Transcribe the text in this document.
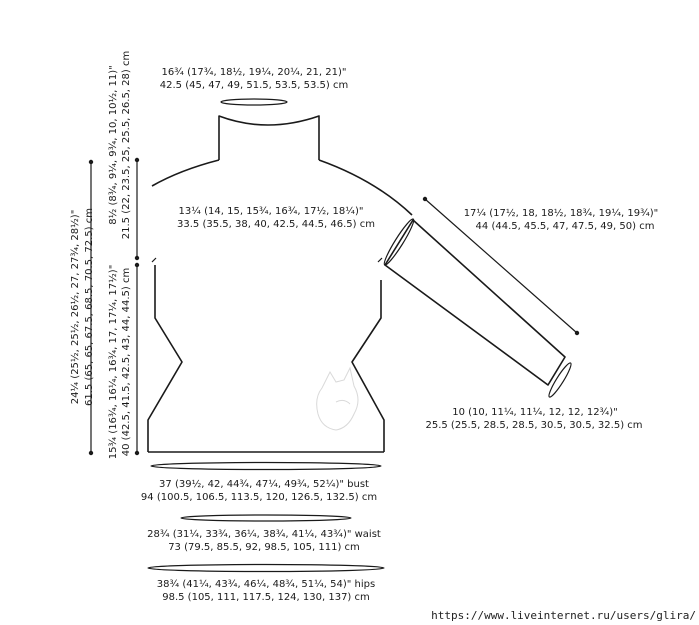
16¾ (17¾, 18½, 19¼, 20¼, 21, 21)"
42.5 (45, 47, 49, 51.5, 53.5, 53.5) cm
13¼ (14, 15, 15¾, 16¾, 17½, 18¼)"
33.5 (35.5, 38, 40, 42.5, 44.5, 46.5) cm
17¼ (17½, 18, 18½, 18¾, 19¼, 19¾)"
44 (44.5, 45.5, 47, 47.5, 49, 50) cm
10 (10, 11¼, 11¼, 12, 12, 12¾)"
25.5 (25.5, 28.5, 28.5, 30.5, 30.5, 32.5) cm
37 (39½, 42, 44¾, 47¼, 49¾, 52¼)" bust
94 (100.5, 106.5, 113.5, 120, 126.5, 132.5) cm
28¾ (31¼, 33¾, 36¼, 38¾, 41¼, 43¾)" waist
73 (79.5, 85.5, 92, 98.5, 105, 111) cm
38¾ (41¼, 43¾, 46¼, 48¾, 51¼, 54)" hips
98.5 (105, 111, 117.5, 124, 130, 137) cm
24¼ (25½, 25½, 26½, 27, 27¾, 28½)" 61.5 (65, 65, 67.5, 68.5, 70.5, 72.5) cm 15¾ (16¾, 16¼, 16¾, 17, 17¼, 17½)" 40 (42.5, 41.5, 42.5, 43, 44, 44.5) cm
8½ (8¾, 9¼, 9¾, 10, 10½, 11)" 21.5 (22, 23.5, 25, 25.5, 26.5, 28) cm
https://www.liveinternet.ru/users/glira/
